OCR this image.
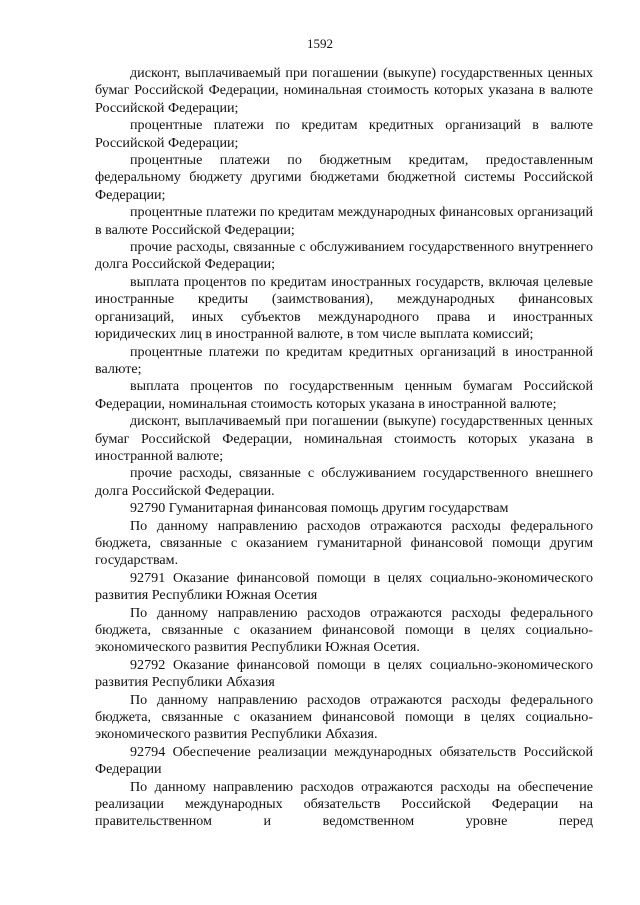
1592

дисконт, выплачиваемый при погашении (выкупе) государственных ценных бумаг Российской Федерации, номинальная стоимость которых указана в валюте Российской Федерации;

процентные платежи по кредитам кредитных организаций в валюте Российской Федерации;

процентные платежи по бюджетным кредитам, предоставленным федеральному бюджету другими бюджетами бюджетной системы Российской Федерации;

процентные платежи по кредитам международных финансовых организаций в валюте Российской Федерации;

прочие расходы, связанные с обслуживанием государственного внутреннего долга Российской Федерации;

выплата процентов по кредитам иностранных государств, включая целевые иностранные кредиты (заимствования), международных финансовых организаций, иных субъектов международного права и иностранных юридических лиц в иностранной валюте, в том числе выплата комиссий;

процентные платежи по кредитам кредитных организаций в иностранной валюте;

выплата процентов по государственным ценным бумагам Российской Федерации, номинальная стоимость которых указана в иностранной валюте;

дисконт, выплачиваемый при погашении (выкупе) государственных ценных бумаг Российской Федерации, номинальная стоимость которых указана в иностранной валюте;

прочие расходы, связанные с обслуживанием государственного внешнего долга Российской Федерации.

92790 Гуманитарная финансовая помощь другим государствам

По данному направлению расходов отражаются расходы федерального бюджета, связанные с оказанием гуманитарной финансовой помощи другим государствам.

92791 Оказание финансовой помощи в целях социально-экономического развития Республики Южная Осетия

По данному направлению расходов отражаются расходы федерального бюджета, связанные с оказанием финансовой помощи в целях социально-экономического развития Республики Южная Осетия.

92792 Оказание финансовой помощи в целях социально-экономического развития Республики Абхазия

По данному направлению расходов отражаются расходы федерального бюджета, связанные с оказанием финансовой помощи в целях социально-экономического развития Республики Абхазия.

92794 Обеспечение реализации международных обязательств Российской Федерации

По данному направлению расходов отражаются расходы на обеспечение реализации международных обязательств Российской Федерации на правительственном и ведомственном уровне перед
